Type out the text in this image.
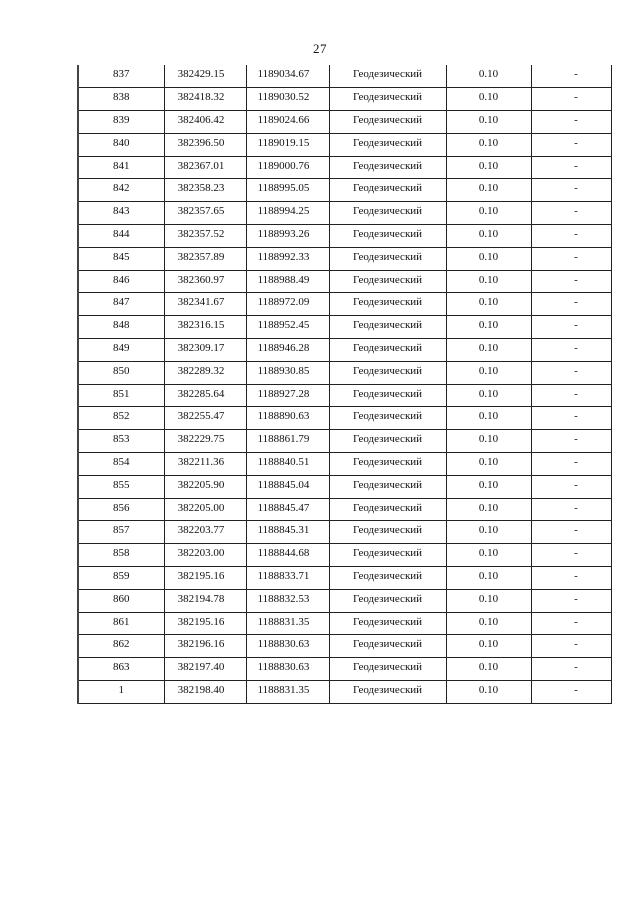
27
837	382429.15	1189034.67	Геодезический	0.10	-
838	382418.32	1189030.52	Геодезический	0.10	-
839	382406.42	1189024.66	Геодезический	0.10	-
840	382396.50	1189019.15	Геодезический	0.10	-
841	382367.01	1189000.76	Геодезический	0.10	-
842	382358.23	1188995.05	Геодезический	0.10	-
843	382357.65	1188994.25	Геодезический	0.10	-
844	382357.52	1188993.26	Геодезический	0.10	-
845	382357.89	1188992.33	Геодезический	0.10	-
846	382360.97	1188988.49	Геодезический	0.10	-
847	382341.67	1188972.09	Геодезический	0.10	-
848	382316.15	1188952.45	Геодезический	0.10	-
849	382309.17	1188946.28	Геодезический	0.10	-
850	382289.32	1188930.85	Геодезический	0.10	-
851	382285.64	1188927.28	Геодезический	0.10	-
852	382255.47	1188890.63	Геодезический	0.10	-
853	382229.75	1188861.79	Геодезический	0.10	-
854	382211.36	1188840.51	Геодезический	0.10	-
855	382205.90	1188845.04	Геодезический	0.10	-
856	382205.00	1188845.47	Геодезический	0.10	-
857	382203.77	1188845.31	Геодезический	0.10	-
858	382203.00	1188844.68	Геодезический	0.10	-
859	382195.16	1188833.71	Геодезический	0.10	-
860	382194.78	1188832.53	Геодезический	0.10	-
861	382195.16	1188831.35	Геодезический	0.10	-
862	382196.16	1188830.63	Геодезический	0.10	-
863	382197.40	1188830.63	Геодезический	0.10	-
1	382198.40	1188831.35	Геодезический	0.10	-
